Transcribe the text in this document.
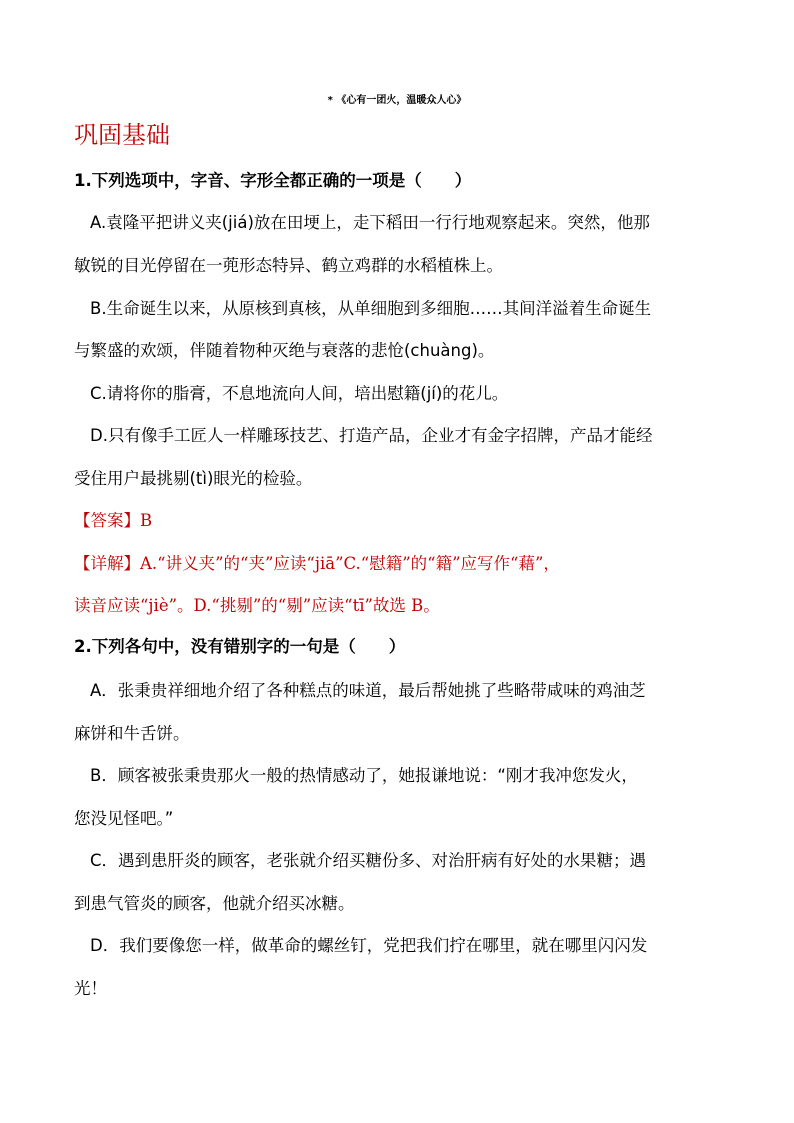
* 《心有一团火，温暖众人心》
巩固基础
1.下列选项中，字音、字形全都正确的一项是（　　）
A.袁隆平把讲义夹(jiá)放在田埂上，走下稻田一行行地观察起来。突然，他那
敏锐的目光停留在一蔸形态特异、鹤立鸡群的水稻植株上。
B.生命诞生以来，从原核到真核，从单细胞到多细胞……其间洋溢着生命诞生
与繁盛的欢颂，伴随着物种灭绝与衰落的悲怆(chuàng)。
C.请将你的脂膏，不息地流向人间，培出慰籍(jí)的花儿。
D.只有像手工匠人一样雕琢技艺、打造产品，企业才有金字招牌，产品才能经
受住用户最挑剔(tì)眼光的检验。
【答案】B
【详解】A.“讲义夹”的“夹”应读“jiā”C.“慰籍”的“籍”应写作“藉”，
读音应读“jiè”。D.“挑剔”的“剔”应读“tī”故选 B。
2.下列各句中，没有错别字的一句是（　　）
A．张秉贵祥细地介绍了各种糕点的味道，最后帮她挑了些略带咸味的鸡油芝
麻饼和牛舌饼。
B．顾客被张秉贵那火一般的热情感动了，她报谦地说：“刚才我冲您发火，
您没见怪吧。”
C．遇到患肝炎的顾客，老张就介绍买糖份多、对治肝病有好处的水果糖；遇
到患气管炎的顾客，他就介绍买冰糖。
D．我们要像您一样，做革命的螺丝钉，党把我们拧在哪里，就在哪里闪闪发
光！
